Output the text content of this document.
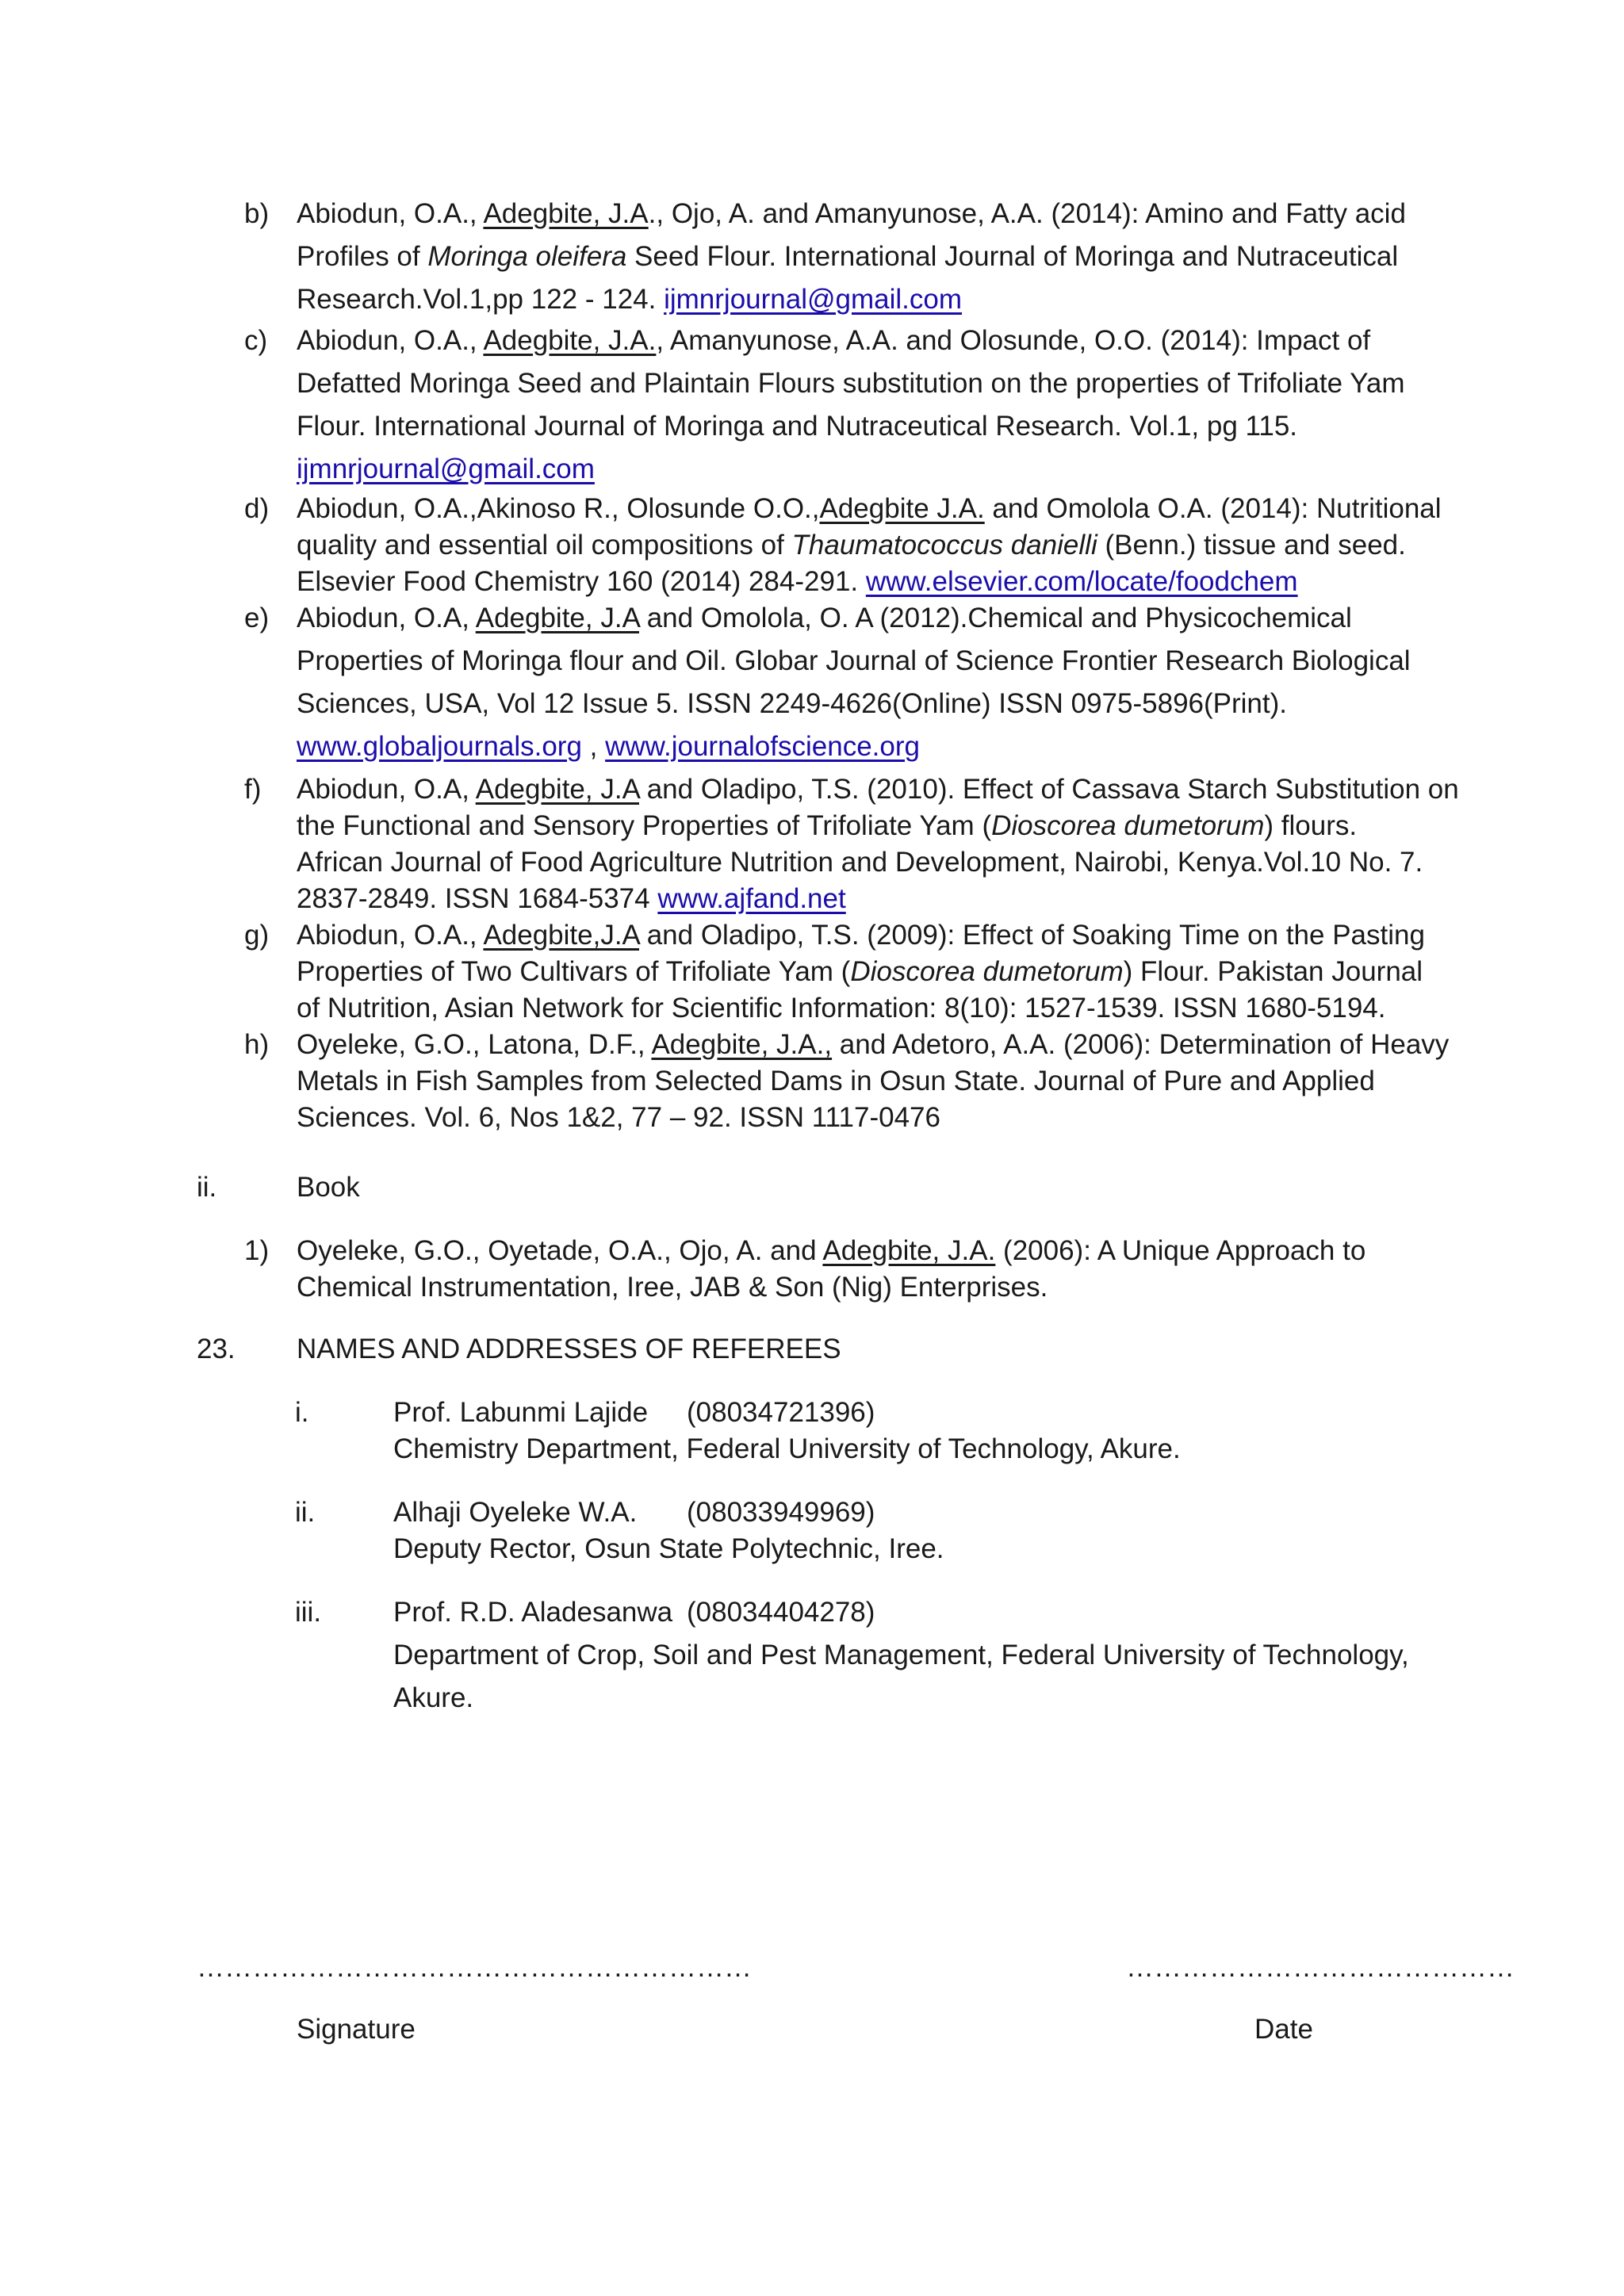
b) Abiodun, O.A., Adegbite, J.A., Ojo, A. and Amanyunose, A.A. (2014): Amino and Fatty acid
Profiles of Moringa oleifera Seed Flour. International Journal of Moringa and Nutraceutical
Research.Vol.1,pp 122 - 124. ijmnrjournal@gmail.com
c) Abiodun, O.A., Adegbite, J.A., Amanyunose, A.A. and Olosunde, O.O. (2014): Impact of
Defatted Moringa Seed and Plaintain Flours substitution on the properties of Trifoliate Yam
Flour. International Journal of Moringa and Nutraceutical Research. Vol.1, pg 115.
ijmnrjournal@gmail.com
d) Abiodun, O.A.,Akinoso R., Olosunde O.O.,Adegbite J.A. and Omolola O.A. (2014): Nutritional
quality and essential oil compositions of Thaumatococcus danielli (Benn.) tissue and seed.
Elsevier Food Chemistry 160 (2014) 284-291. www.elsevier.com/locate/foodchem
e) Abiodun, O.A, Adegbite, J.A and Omolola, O. A (2012).Chemical and Physicochemical
Properties of Moringa flour and Oil. Globar Journal of Science Frontier Research Biological
Sciences, USA, Vol 12 Issue 5. ISSN 2249-4626(Online) ISSN 0975-5896(Print).
www.globaljournals.org , www.journalofscience.org
f) Abiodun, O.A, Adegbite, J.A and Oladipo, T.S. (2010). Effect of Cassava Starch Substitution on
the Functional and Sensory Properties of Trifoliate Yam (Dioscorea dumetorum) flours.
African Journal of Food Agriculture Nutrition and Development, Nairobi, Kenya.Vol.10 No. 7.
2837-2849. ISSN 1684-5374 www.ajfand.net
g) Abiodun, O.A., Adegbite,J.A and Oladipo, T.S. (2009): Effect of Soaking Time on the Pasting
Properties of Two Cultivars of Trifoliate Yam (Dioscorea dumetorum) Flour. Pakistan Journal
of Nutrition, Asian Network for Scientific Information: 8(10): 1527-1539. ISSN 1680-5194.
h) Oyeleke, G.O., Latona, D.F., Adegbite, J.A., and Adetoro, A.A. (2006): Determination of Heavy
Metals in Fish Samples from Selected Dams in Osun State. Journal of Pure and Applied
Sciences. Vol. 6, Nos 1&2, 77 – 92. ISSN 1117-0476
ii.	Book
1) Oyeleke, G.O., Oyetade, O.A., Ojo, A. and Adegbite, J.A. (2006): A Unique Approach to
Chemical Instrumentation, Iree, JAB & Son (Nig) Enterprises.
23. NAMES AND ADDRESSES OF REFEREES
i.	Prof. Labunmi Lajide (08034721396)
Chemistry Department, Federal University of Technology, Akure.
ii.	Alhaji Oyeleke W.A. (08033949969)
Deputy Rector, Osun State Polytechnic, Iree.
iii.	Prof. R.D. Aladesanwa (08034404278)
Department of Crop, Soil and Pest Management, Federal University of Technology,
Akure.
……………………………………………………	……………………………………
Signature	Date
